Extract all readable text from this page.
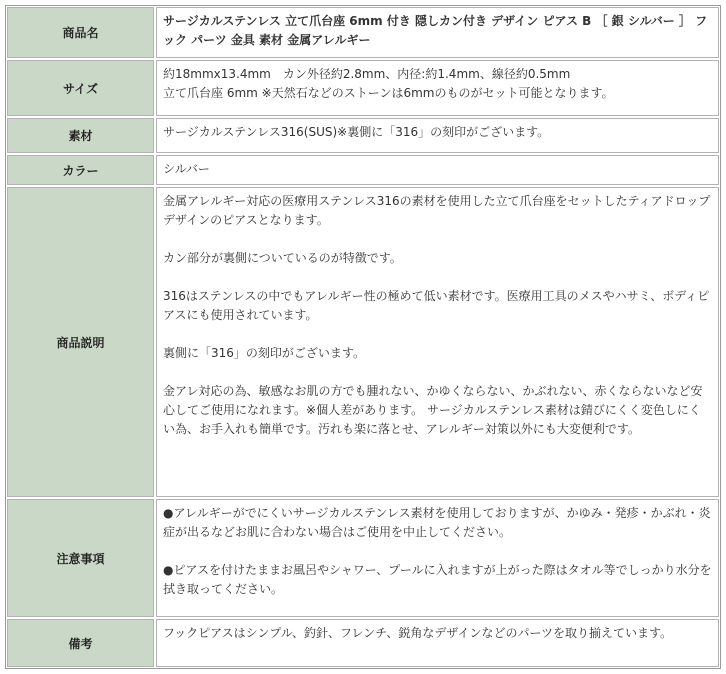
商品名
サージカルステンレス 立て爪台座 6mm 付き 隠しカン付き デザイン ピアス B ［ 銀 シルバー ］ フック パーツ 金具 素材 金属アレルギー
サイズ
約18mmx13.4mm　カン外径約2.8mm、内径:約1.4mm、線径約0.5mm
立て爪台座 6mm ※天然石などのストーンは6mmのものがセット可能となります。
素材	サージカルステンレス316(SUS)※裏側に「316」の刻印がございます。
カラー	シルバー
商品説明

金属アレルギー対応の医療用ステンレス316の素材を使用した立て爪台座をセットしたティアドロップデザインのピアスとなります。

カン部分が裏側についているのが特徴です。

316はステンレスの中でもアレルギー性の極めて低い素材です。医療用工具のメスやハサミ、ボディピアスにも使用されています。

裏側に「316」の刻印がございます。

金アレ対応の為、敏感なお肌の方でも腫れない、かゆくならない、かぶれない、赤くならないなど安心してご使用になれます。※個人差があります。 サージカルステンレス素材は錆びにくく変色しにくい為、お手入れも簡単です。汚れも楽に落とせ、アレルギー対策以外にも大変便利です。

注意事項

●アレルギーがでにくいサージカルステンレス素材を使用しておりますが、かゆみ・発疹・かぶれ・炎症が出るなどお肌に合わない場合はご使用を中止してください。

●ピアスを付けたままお風呂やシャワー、プールに入れますが上がった際はタオル等でしっかり水分を拭き取ってください。

備考
フックピアスはシンプル、釣針、フレンチ、鋭角なデザインなどのパーツを取り揃えています。
